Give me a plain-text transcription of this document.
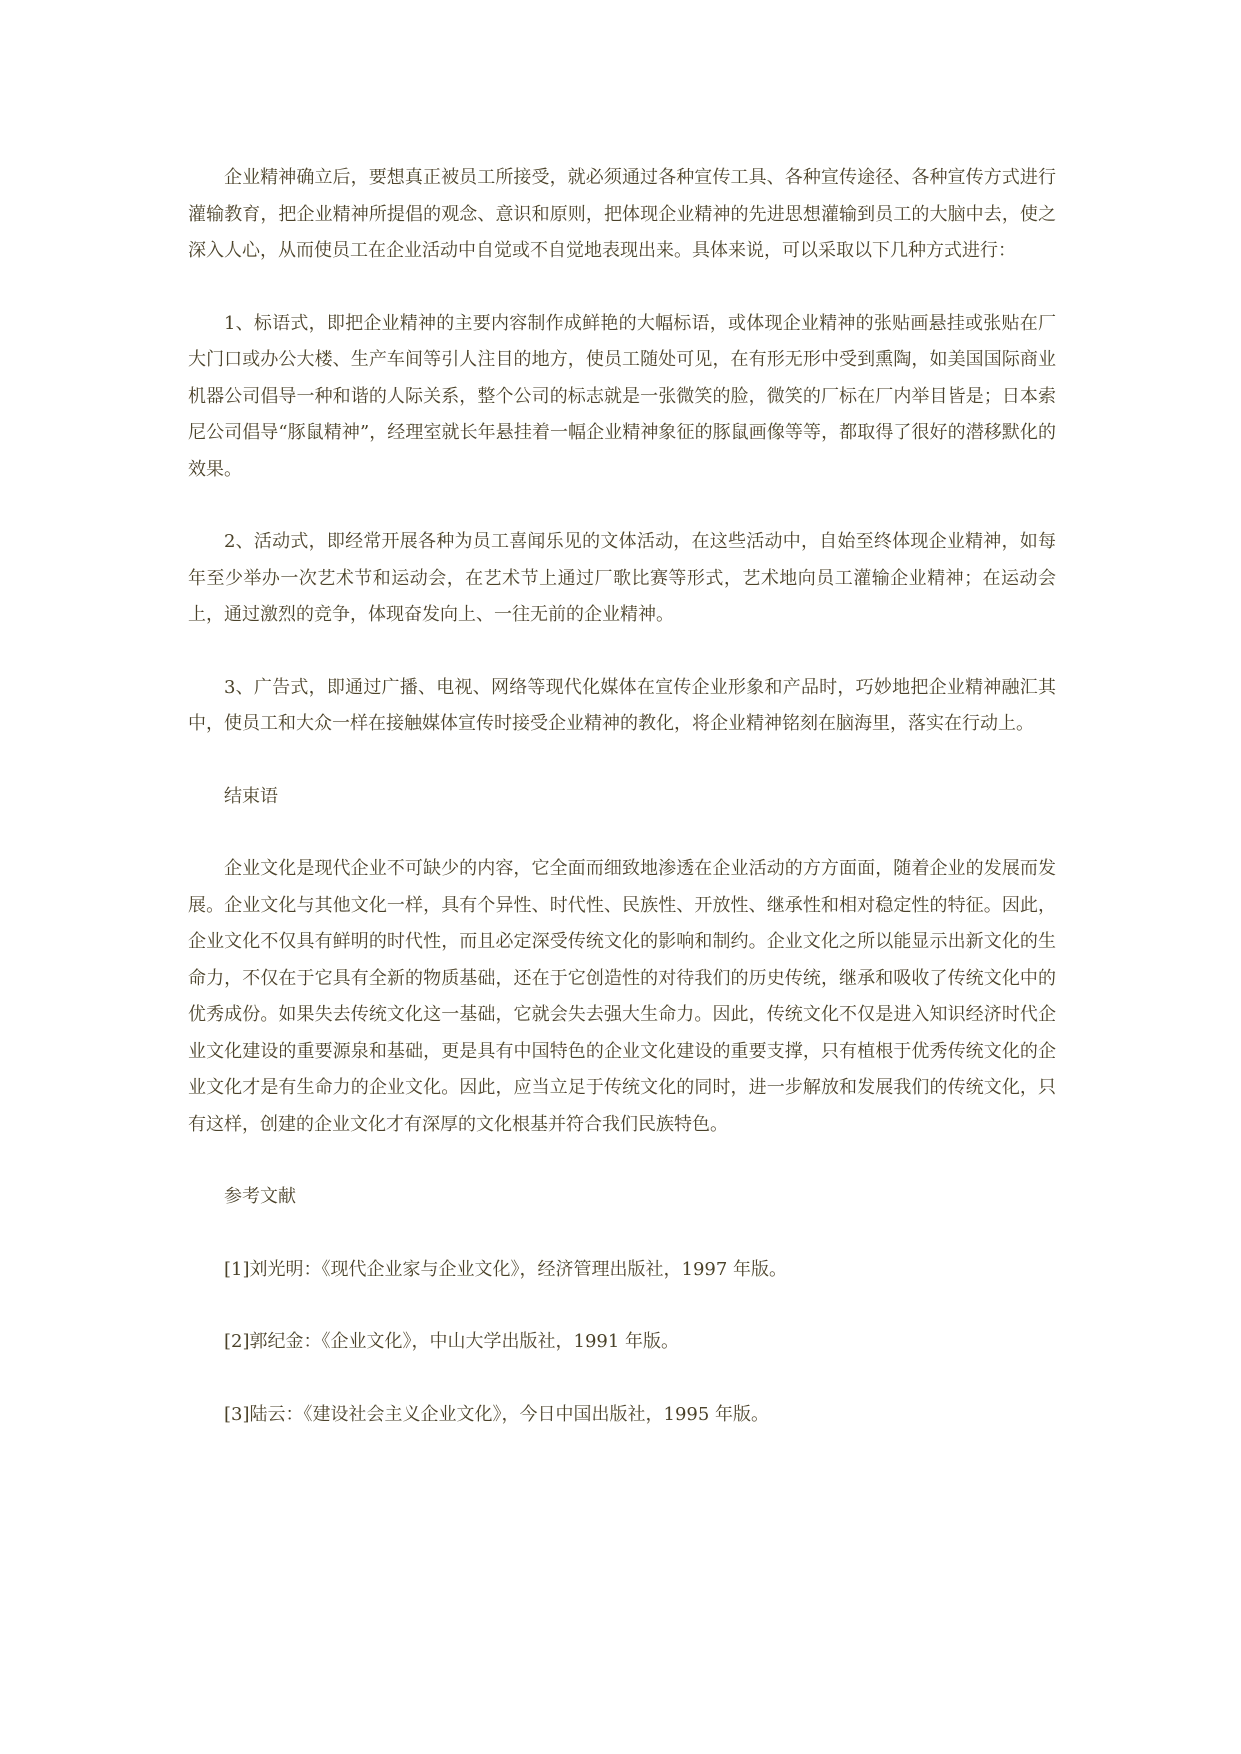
企业精神确立后，要想真正被员工所接受，就必须通过各种宣传工具、各种宣传途径、各种宣传方式进行灌输教育，把企业精神所提倡的观念、意识和原则，把体现企业精神的先进思想灌输到员工的大脑中去，使之深入人心，从而使员工在企业活动中自觉或不自觉地表现出来。具体来说，可以采取以下几种方式进行：

1、标语式，即把企业精神的主要内容制作成鲜艳的大幅标语，或体现企业精神的张贴画悬挂或张贴在厂大门口或办公大楼、生产车间等引人注目的地方，使员工随处可见，在有形无形中受到熏陶，如美国国际商业机器公司倡导一种和谐的人际关系，整个公司的标志就是一张微笑的脸，微笑的厂标在厂内举目皆是；日本索尼公司倡导“豚鼠精神”，经理室就长年悬挂着一幅企业精神象征的豚鼠画像等等，都取得了很好的潜移默化的效果。

2、活动式，即经常开展各种为员工喜闻乐见的文体活动，在这些活动中，自始至终体现企业精神，如每年至少举办一次艺术节和运动会，在艺术节上通过厂歌比赛等形式，艺术地向员工灌输企业精神；在运动会上，通过激烈的竞争，体现奋发向上、一往无前的企业精神。

3、广告式，即通过广播、电视、网络等现代化媒体在宣传企业形象和产品时，巧妙地把企业精神融汇其中，使员工和大众一样在接触媒体宣传时接受企业精神的教化，将企业精神铭刻在脑海里，落实在行动上。

结束语

企业文化是现代企业不可缺少的内容，它全面而细致地渗透在企业活动的方方面面，随着企业的发展而发展。企业文化与其他文化一样，具有个异性、时代性、民族性、开放性、继承性和相对稳定性的特征。因此，企业文化不仅具有鲜明的时代性，而且必定深受传统文化的影响和制约。企业文化之所以能显示出新文化的生命力，不仅在于它具有全新的物质基础，还在于它创造性的对待我们的历史传统，继承和吸收了传统文化中的优秀成份。如果失去传统文化这一基础，它就会失去强大生命力。因此，传统文化不仅是进入知识经济时代企业文化建设的重要源泉和基础，更是具有中国特色的企业文化建设的重要支撑，只有植根于优秀传统文化的企业文化才是有生命力的企业文化。因此，应当立足于传统文化的同时，进一步解放和发展我们的传统文化，只有这样，创建的企业文化才有深厚的文化根基并符合我们民族特色。

参考文献

[1]刘光明：《现代企业家与企业文化》，经济管理出版社，1997 年版。

[2]郭纪金：《企业文化》，中山大学出版社，1991 年版。

[3]陆云：《建设社会主义企业文化》，今日中国出版社，1995 年版。
